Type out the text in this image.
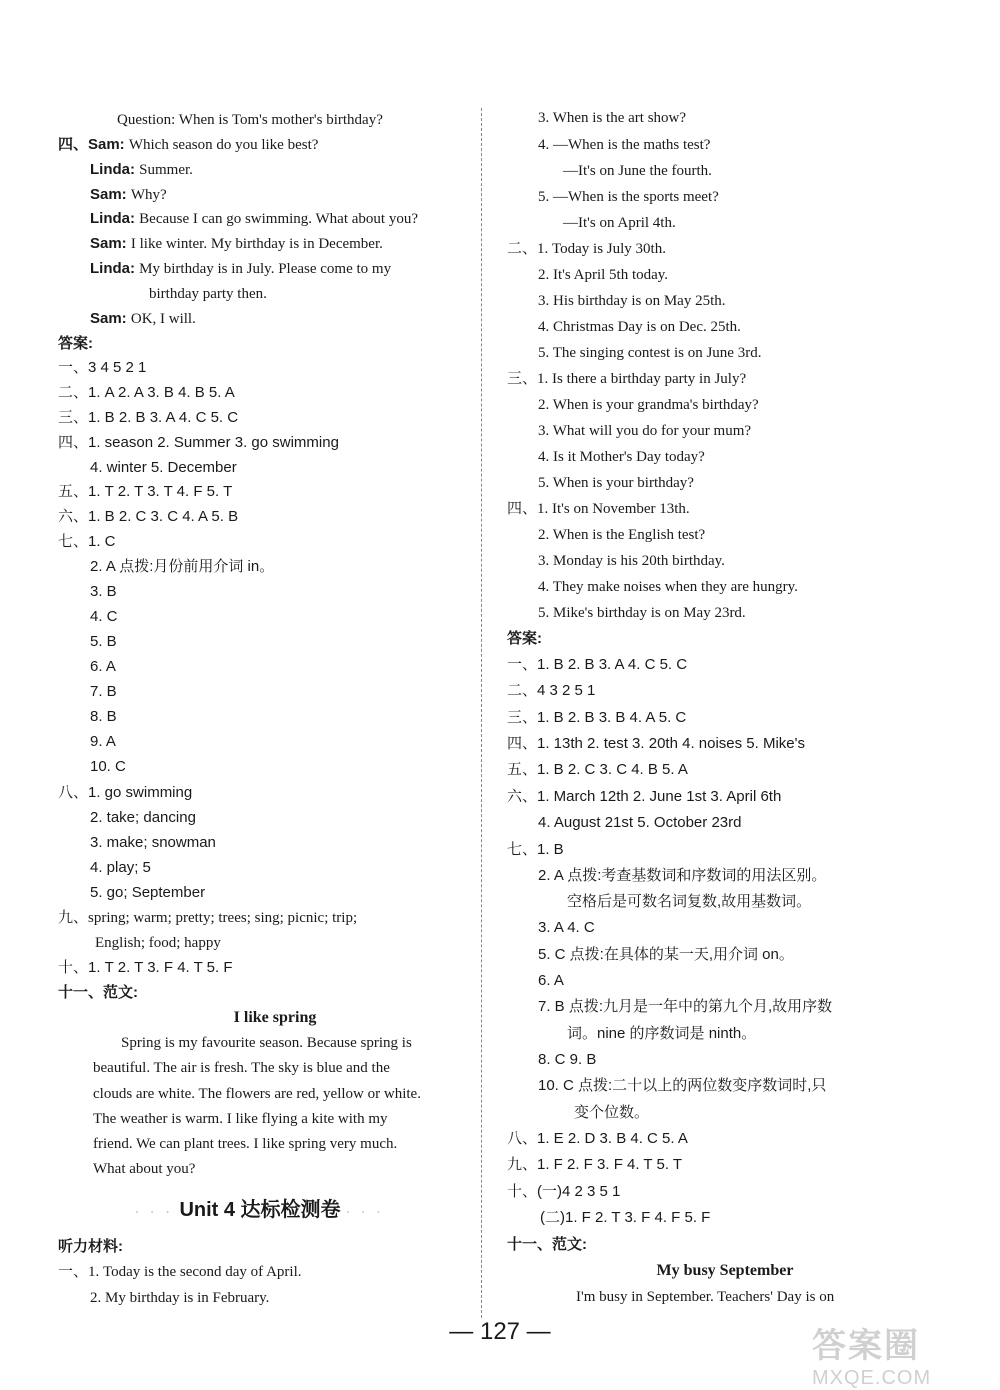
Question: When is Tom's mother's birthday?
四、Sam: Which season do you like best?
Linda: Summer.
Sam: Why?
Linda: Because I can go swimming. What about you?
Sam: I like winter. My birthday is in December.
Linda: My birthday is in July. Please come to my
birthday party then.
Sam: OK, I will.
答案:
一、3 4 5 2 1
二、1. A 2. A 3. B 4. B 5. A
三、1. B 2. B 3. A 4. C 5. C
四、1. season 2. Summer 3. go swimming
4. winter 5. December
五、1. T 2. T 3. T 4. F 5. T
六、1. B 2. C 3. C 4. A 5. B
七、1. C
2. A 点拨:月份前用介词 in。
3. B
4. C
5. B
6. A
7. B
8. B
9. A
10. C
八、1. go swimming
2. take; dancing
3. make; snowman
4. play; 5
5. go; September
九、spring; warm; pretty; trees; sing; picnic; trip;
English; food; happy
十、1. T 2. T 3. F 4. T 5. F
十一、范文:
I like spring
Spring is my favourite season. Because spring is
beautiful. The air is fresh. The sky is blue and the
clouds are white. The flowers are red, yellow or white.
The weather is warm. I like flying a kite with my
friend. We can plant trees. I like spring very much.
What about you?
· · · Unit 4 达标检测卷 · · ·
听力材料:
一、1. Today is the second day of April.
2. My birthday is in February.
3. When is the art show?
4. —When is the maths test?
—It's on June the fourth.
5. —When is the sports meet?
—It's on April 4th.
二、1. Today is July 30th.
2. It's April 5th today.
3. His birthday is on May 25th.
4. Christmas Day is on Dec. 25th.
5. The singing contest is on June 3rd.
三、1. Is there a birthday party in July?
2. When is your grandma's birthday?
3. What will you do for your mum?
4. Is it Mother's Day today?
5. When is your birthday?
四、1. It's on November 13th.
2. When is the English test?
3. Monday is his 20th birthday.
4. They make noises when they are hungry.
5. Mike's birthday is on May 23rd.
答案:
一、1. B 2. B 3. A 4. C 5. C
二、4 3 2 5 1
三、1. B 2. B 3. B 4. A 5. C
四、1. 13th 2. test 3. 20th 4. noises 5. Mike's
五、1. B 2. C 3. C 4. B 5. A
六、1. March 12th 2. June 1st 3. April 6th
4. August 21st 5. October 23rd
七、1. B
2. A 点拨:考查基数词和序数词的用法区别。
空格后是可数名词复数,故用基数词。
3. A 4. C
5. C 点拨:在具体的某一天,用介词 on。
6. A
7. B 点拨:九月是一年中的第九个月,故用序数
词。nine 的序数词是 ninth。
8. C 9. B
10. C 点拨:二十以上的两位数变序数词时,只
变个位数。
八、1. E 2. D 3. B 4. C 5. A
九、1. F 2. F 3. F 4. T 5. T
十、(一)4 2 3 5 1
(二)1. F 2. T 3. F 4. F 5. F
十一、范文:
My busy September
I'm busy in September. Teachers' Day is on
— 127 —	答案圈
MXQE.COM
